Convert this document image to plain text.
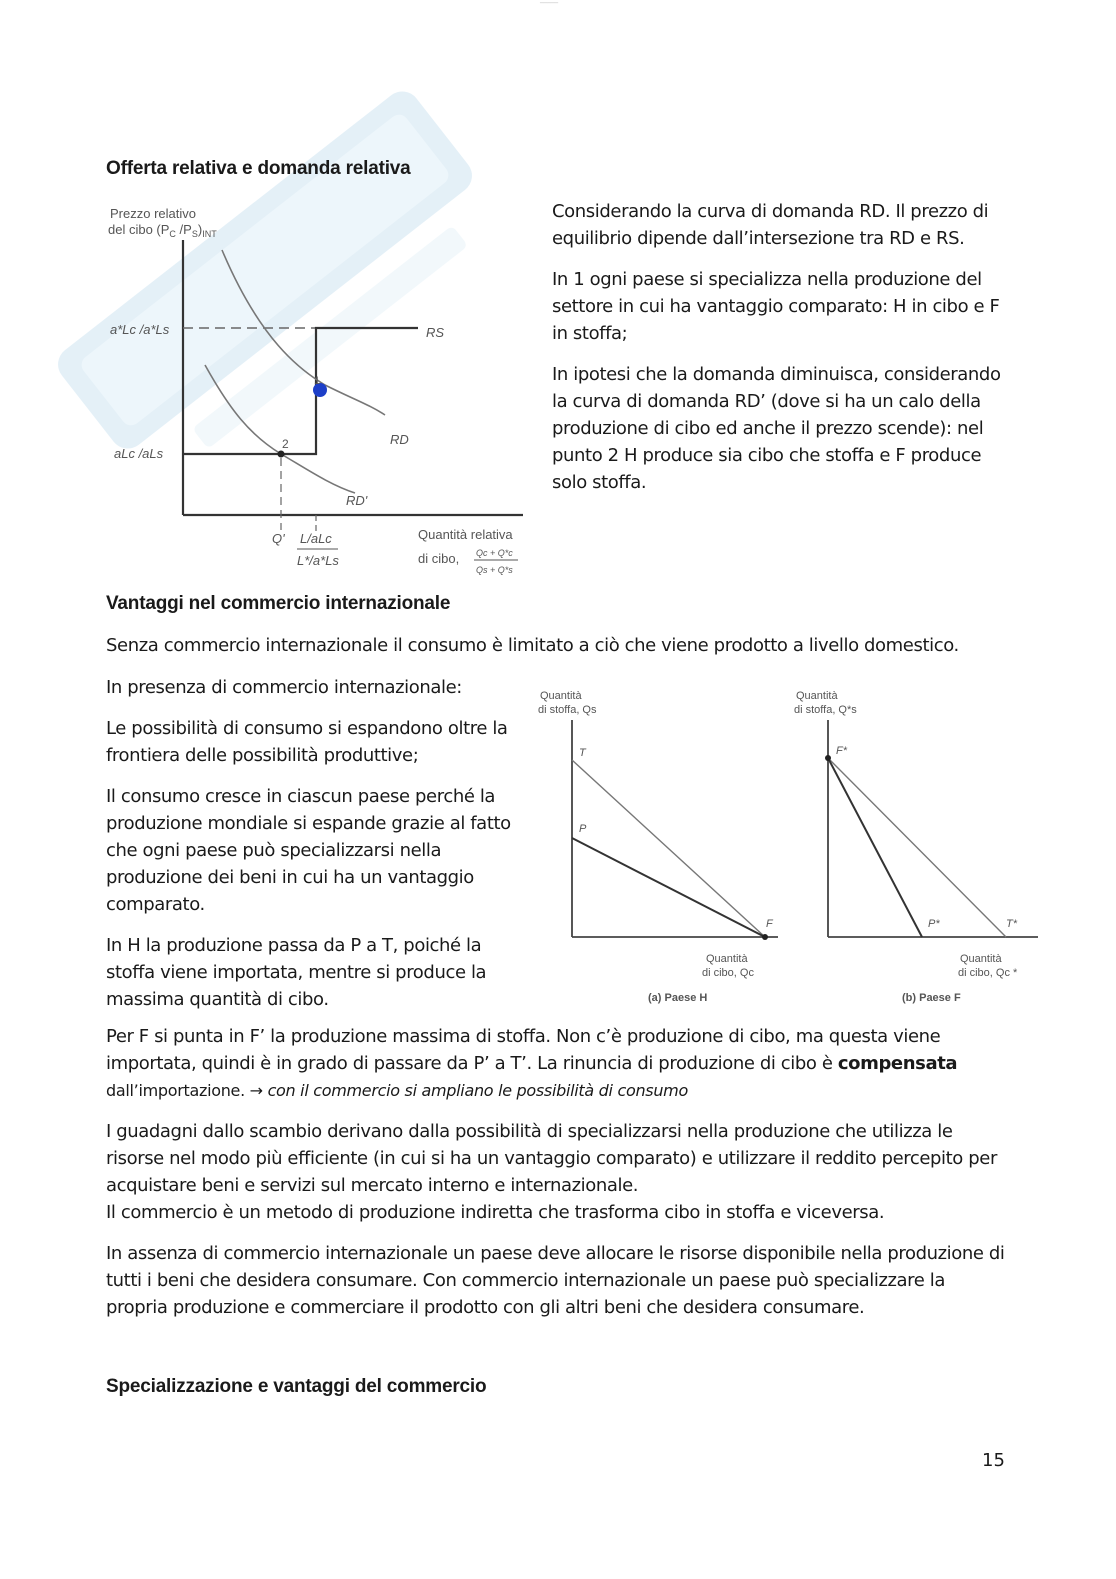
─────
Offerta relativa e domanda relativa
Prezzo relativo
del cibo ($P_C$ $/P_S)_{INT}$
a*Lc /a*Ls
aLc /aLs
RS
RD
RD'
1
2
Q' L/aLc
L*/a*Ls
Quantità relativa
di cibo, Qc + Q*c
Qs + Q*s

Considerando la curva di domanda RD. Il prezzo di equilibrio dipende dall’intersezione tra RD e RS.

In 1 ogni paese si specializza nella produzione del settore in cui ha vantaggio comparato: H in cibo e F in stoffa;

In ipotesi che la domanda diminuisca, considerando la curva di domanda RD’ (dove si ha un calo della produzione di cibo ed anche il prezzo scende): nel punto 2 H produce sia cibo che stoffa e F produce solo stoffa.

Vantaggi nel commercio internazionale

Senza commercio internazionale il consumo è limitato a ciò che viene prodotto a livello domestico.

In presenza di commercio internazionale:

Le possibilità di consumo si espandono oltre la frontiera delle possibilità produttive;

Il consumo cresce in ciascun paese perché la produzione mondiale si espande grazie al fatto che ogni paese può specializzarsi nella produzione dei beni in cui ha un vantaggio comparato.

In H la produzione passa da P a T, poiché la stoffa viene importata, mentre si produce la massima quantità di cibo.

Quantità
di stoffa, Qs
T
P
F
Quantità
di cibo, Qc
(a) Paese H
Quantità
di stoffa, Q*s
F*
P*	T*
Quantità
di cibo, Qc *
(b) Paese F

Per F si punta in F’ la produzione massima di stoffa. Non c’è produzione di cibo, ma questa viene importata, quindi è in grado di passare da P’ a T’. La rinuncia di produzione di cibo è compensata
dall’importazione. → con il commercio si ampliano le possibilità di consumo

I guadagni dallo scambio derivano dalla possibilità di specializzarsi nella produzione che utilizza le risorse nel modo più efficiente (in cui si ha un vantaggio comparato) e utilizzare il reddito percepito per acquistare beni e servizi sul mercato interno e internazionale.

Il commercio è un metodo di produzione indiretta che trasforma cibo in stoffa e viceversa.

In assenza di commercio internazionale un paese deve allocare le risorse disponibile nella produzione di tutti i beni che desidera consumare. Con commercio internazionale un paese può specializzare la propria produzione e commerciare il prodotto con gli altri beni che desidera consumare.

Specializzazione e vantaggi del commercio
15
